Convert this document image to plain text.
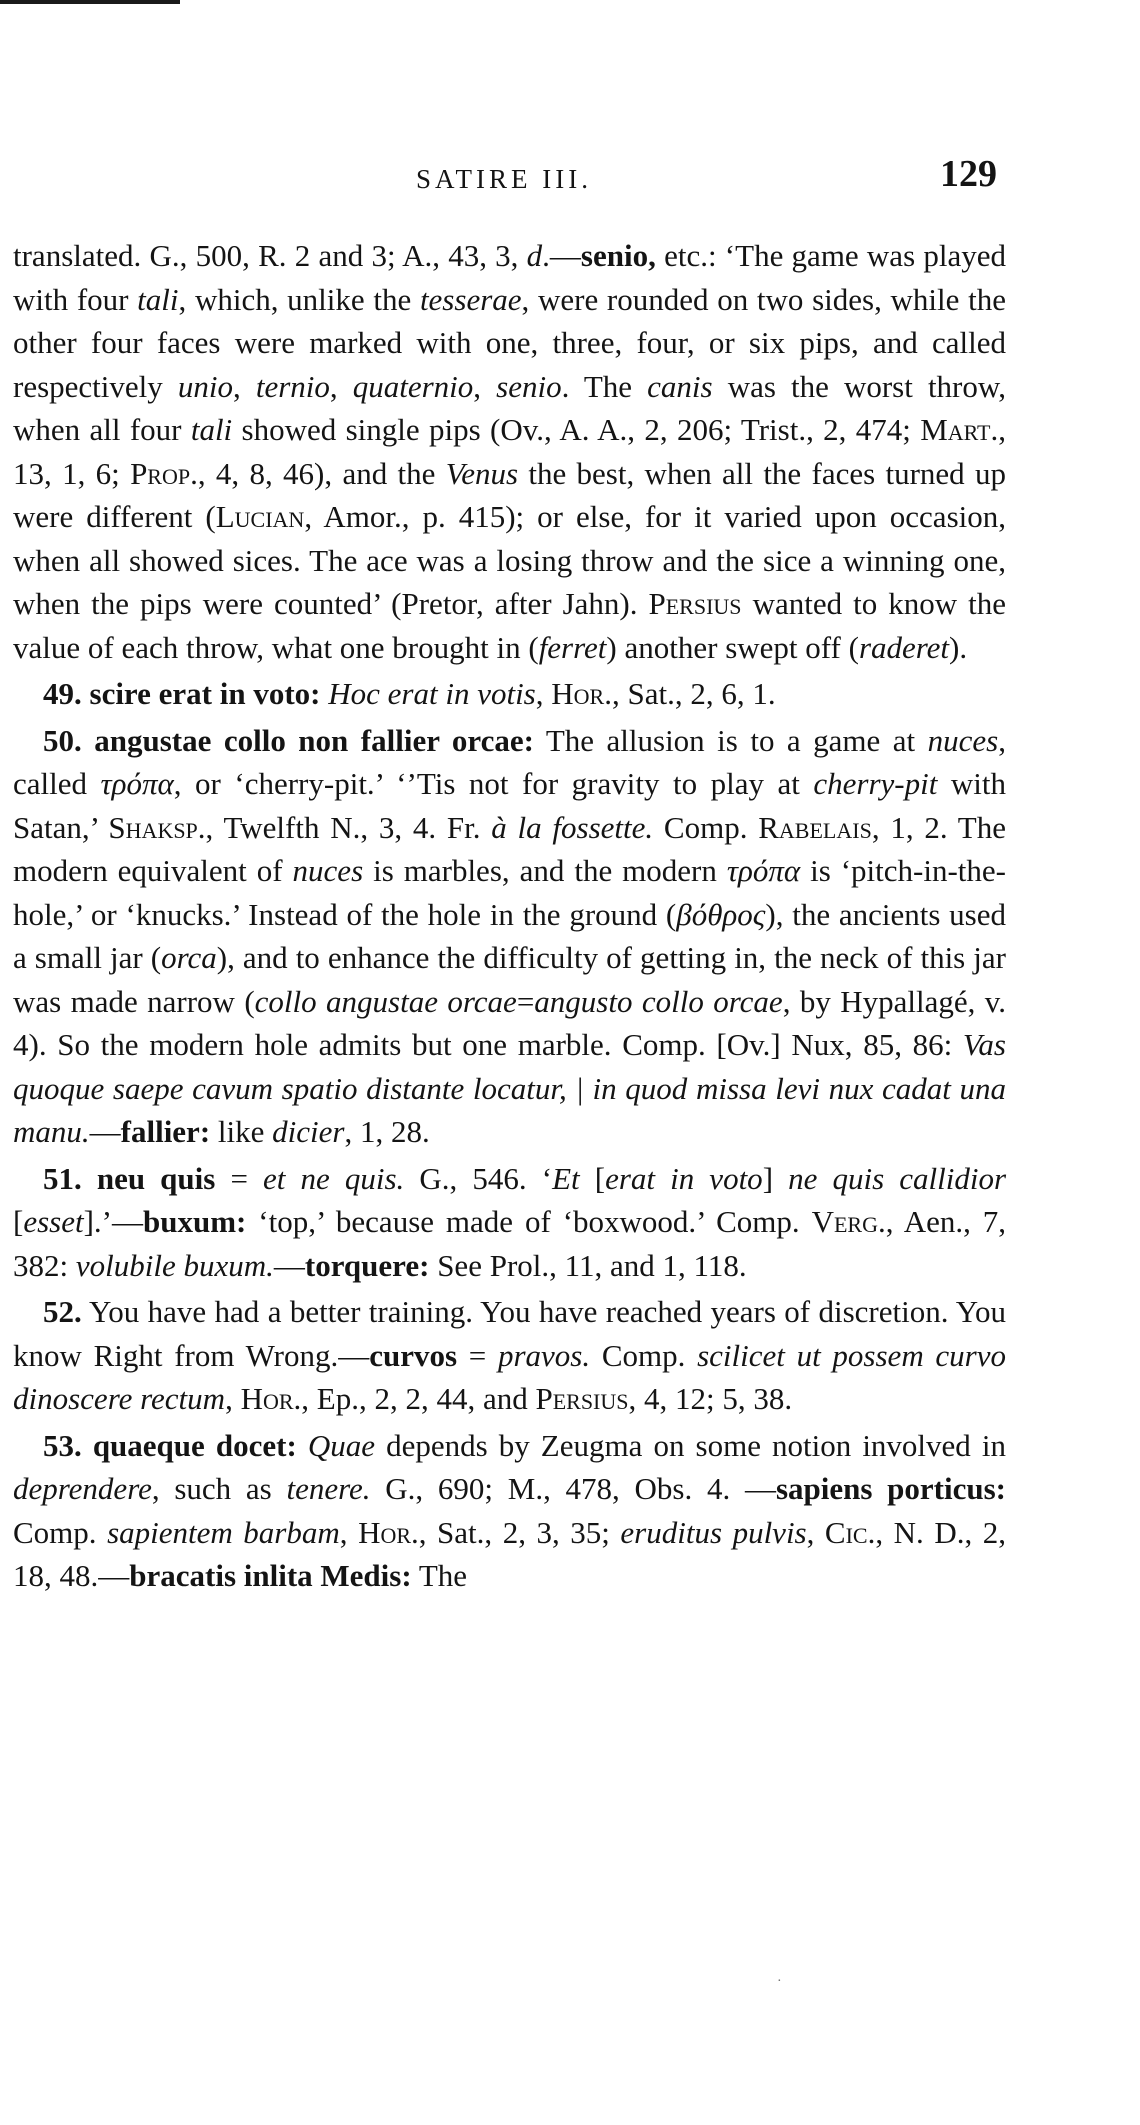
SATIRE III.	129

translated. G., 500, R. 2 and 3; A., 43, 3, d.—senio, etc.: ‘The game was played with four tali, which, unlike the tesserae, were rounded on two sides, while the other four faces were marked with one, three, four, or six pips, and called respectively unio, ternio, quaternio, senio. The canis was the worst throw, when all four tali showed single pips (Ov., A. A., 2, 206; Trist., 2, 474; Mart., 13, 1, 6; Prop., 4, 8, 46), and the Venus the best, when all the faces turned up were different (Lucian, Amor., p. 415); or else, for it varied upon occasion, when all showed sices. The ace was a losing throw and the sice a winning one, when the pips were counted’ (Pretor, after Jahn). Persius wanted to know the value of each throw, what one brought in (ferret) another swept off (raderet).

49. scire erat in voto: Hoc erat in votis, Hor., Sat., 2, 6, 1.

50. angustae collo non fallier orcae: The allusion is to a game at nuces, called τρόπα, or ‘cherry-pit.’ ‘’Tis not for gravity to play at cherry-pit with Satan,’ Shaksp., Twelfth N., 3, 4. Fr. à la fossette. Comp. Rabelais, 1, 2. The modern equivalent of nuces is marbles, and the modern τρόπα is ‘pitch-in-the-hole,’ or ‘knucks.’ Instead of the hole in the ground (βόθρος), the ancients used a small jar (orca), and to enhance the difficulty of getting in, the neck of this jar was made narrow (collo angustae orcae=angusto collo orcae, by Hypallagé, v. 4). So the modern hole admits but one marble. Comp. [Ov.] Nux, 85, 86: Vas quoque saepe cavum spatio distante locatur, | in quod missa levi nux cadat una manu.—fallier: like dicier, 1, 28.

51. neu quis = et ne quis. G., 546. ‘Et [erat in voto] ne quis callidior [esset].’—buxum: ‘top,’ because made of ‘boxwood.’ Comp. Verg., Aen., 7, 382: volubile buxum.—torquere: See Prol., 11, and 1, 118.

52. You have had a better training. You have reached years of discretion. You know Right from Wrong.—curvos = pravos. Comp. scilicet ut possem curvo dinoscere rectum, Hor., Ep., 2, 2, 44, and Persius, 4, 12; 5, 38.

53. quaeque docet: Quae depends by Zeugma on some notion involved in deprendere, such as tenere. G., 690; M., 478, Obs. 4. —sapiens porticus: Comp. sapientem barbam, Hor., Sat., 2, 3, 35; eruditus pulvis, Cic., N. D., 2, 18, 48.—bracatis inlita Medis: The

·
